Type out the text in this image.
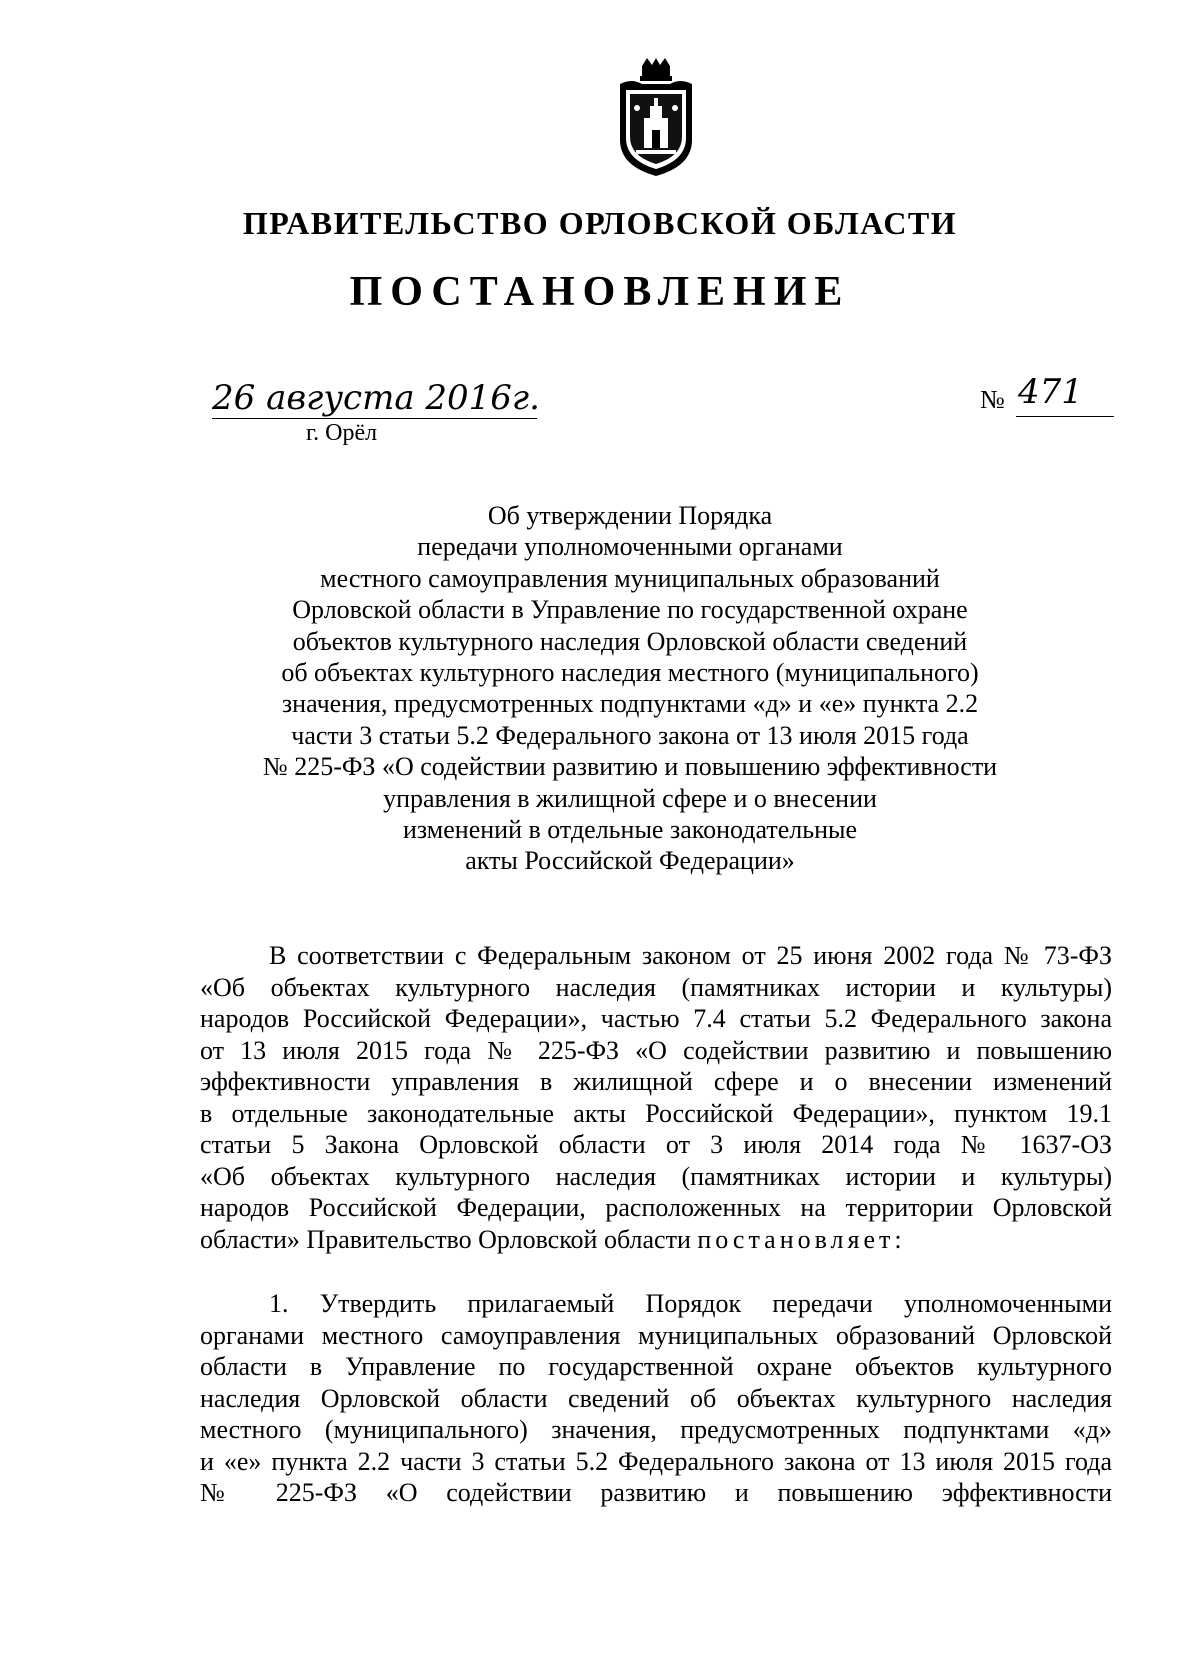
ПРАВИТЕЛЬСТВО ОРЛОВСКОЙ ОБЛАСТИ
ПОСТАНОВЛЕНИЕ
26 августа 2016г.
г. Орёл
№ 471
Об утверждении Порядка
передачи уполномоченными органами
местного самоуправления муниципальных образований
Орловской области в Управление по государственной охране
объектов культурного наследия Орловской области сведений
об объектах культурного наследия местного (муниципального)
значения, предусмотренных подпунктами «д» и «е» пункта 2.2
части 3 статьи 5.2 Федерального закона от 13 июля 2015 года
№ 225-ФЗ «О содействии развитию и повышению эффективности
управления в жилищной сфере и о внесении
изменений в отдельные законодательные
акты Российской Федерации»
В соответствии с Федеральным законом от 25 июня 2002 года № 73-ФЗ
«Об объектах культурного наследия (памятниках истории и культуры)
народов Российской Федерации», частью 7.4 статьи 5.2 Федерального закона
от 13 июля 2015 года № 225-ФЗ «О содействии развитию и повышению
эффективности управления в жилищной сфере и о внесении изменений
в отдельные законодательные акты Российской Федерации», пунктом 19.1
статьи 5 Закона Орловской области от 3 июля 2014 года № 1637-ОЗ
«Об объектах культурного наследия (памятниках истории и культуры)
народов Российской Федерации, расположенных на территории Орловской
области» Правительство Орловской области постановляет:
1. Утвердить прилагаемый Порядок передачи уполномоченными
органами местного самоуправления муниципальных образований Орловской
области в Управление по государственной охране объектов культурного
наследия Орловской области сведений об объектах культурного наследия
местного (муниципального) значения, предусмотренных подпунктами «д»
и «е» пункта 2.2 части 3 статьи 5.2 Федерального закона от 13 июля 2015 года
№ 225-ФЗ «О содействии развитию и повышению эффективности
